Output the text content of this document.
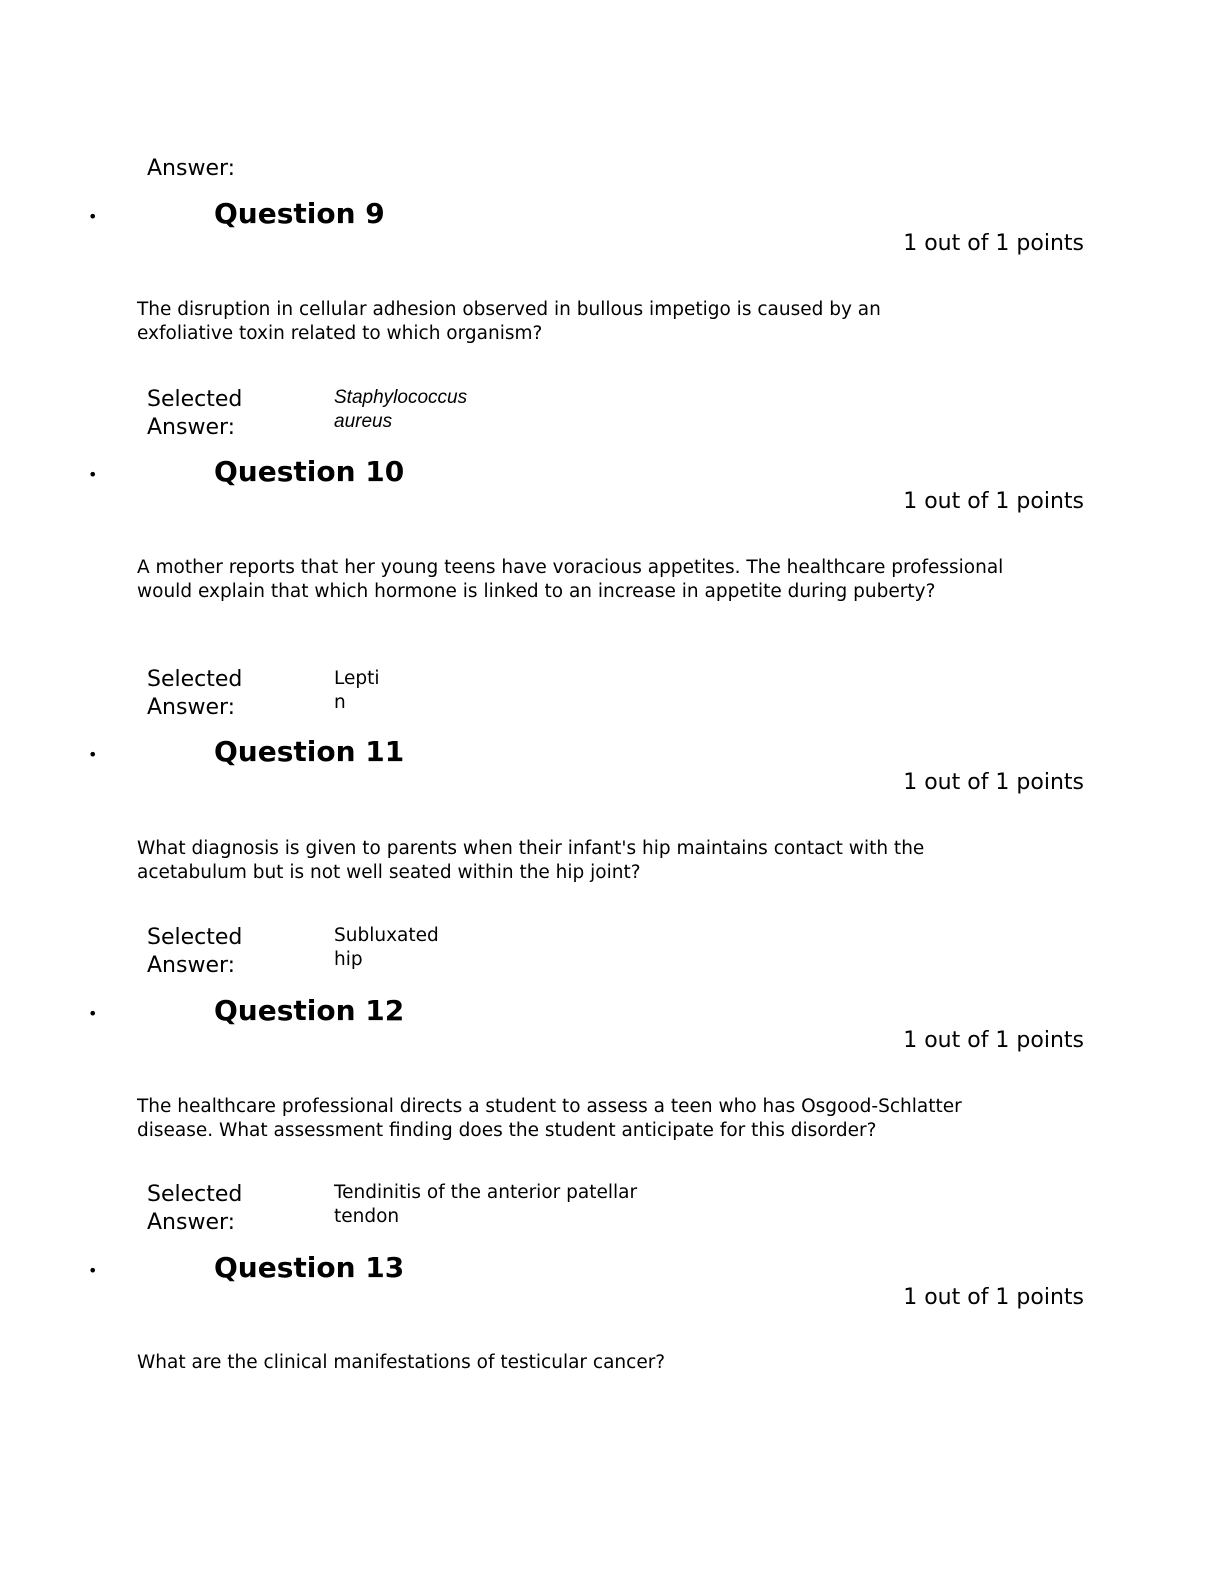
Answer:
•	Question 9
1 out of 1 points
The disruption in cellular adhesion observed in bullous impetigo is caused by an exfoliative toxin related to which organism?
Selected
Answer:
Staphylococcus
aureus
•	Question 10
1 out of 1 points
A mother reports that her young teens have voracious appetites. The healthcare professional would explain that which hormone is linked to an increase in appetite during puberty?
Selected
Answer:
Lepti
n
•	Question 11
1 out of 1 points
What diagnosis is given to parents when their infant's hip maintains contact with the acetabulum but is not well seated within the hip joint?
Selected
Answer:
Subluxated
hip
•	Question 12
1 out of 1 points
The healthcare professional directs a student to assess a teen who has Osgood-Schlatter disease. What assessment finding does the student anticipate for this disorder?
Selected
Answer:
Tendinitis of the anterior patellar
tendon
•	Question 13
1 out of 1 points
What are the clinical manifestations of testicular cancer?
